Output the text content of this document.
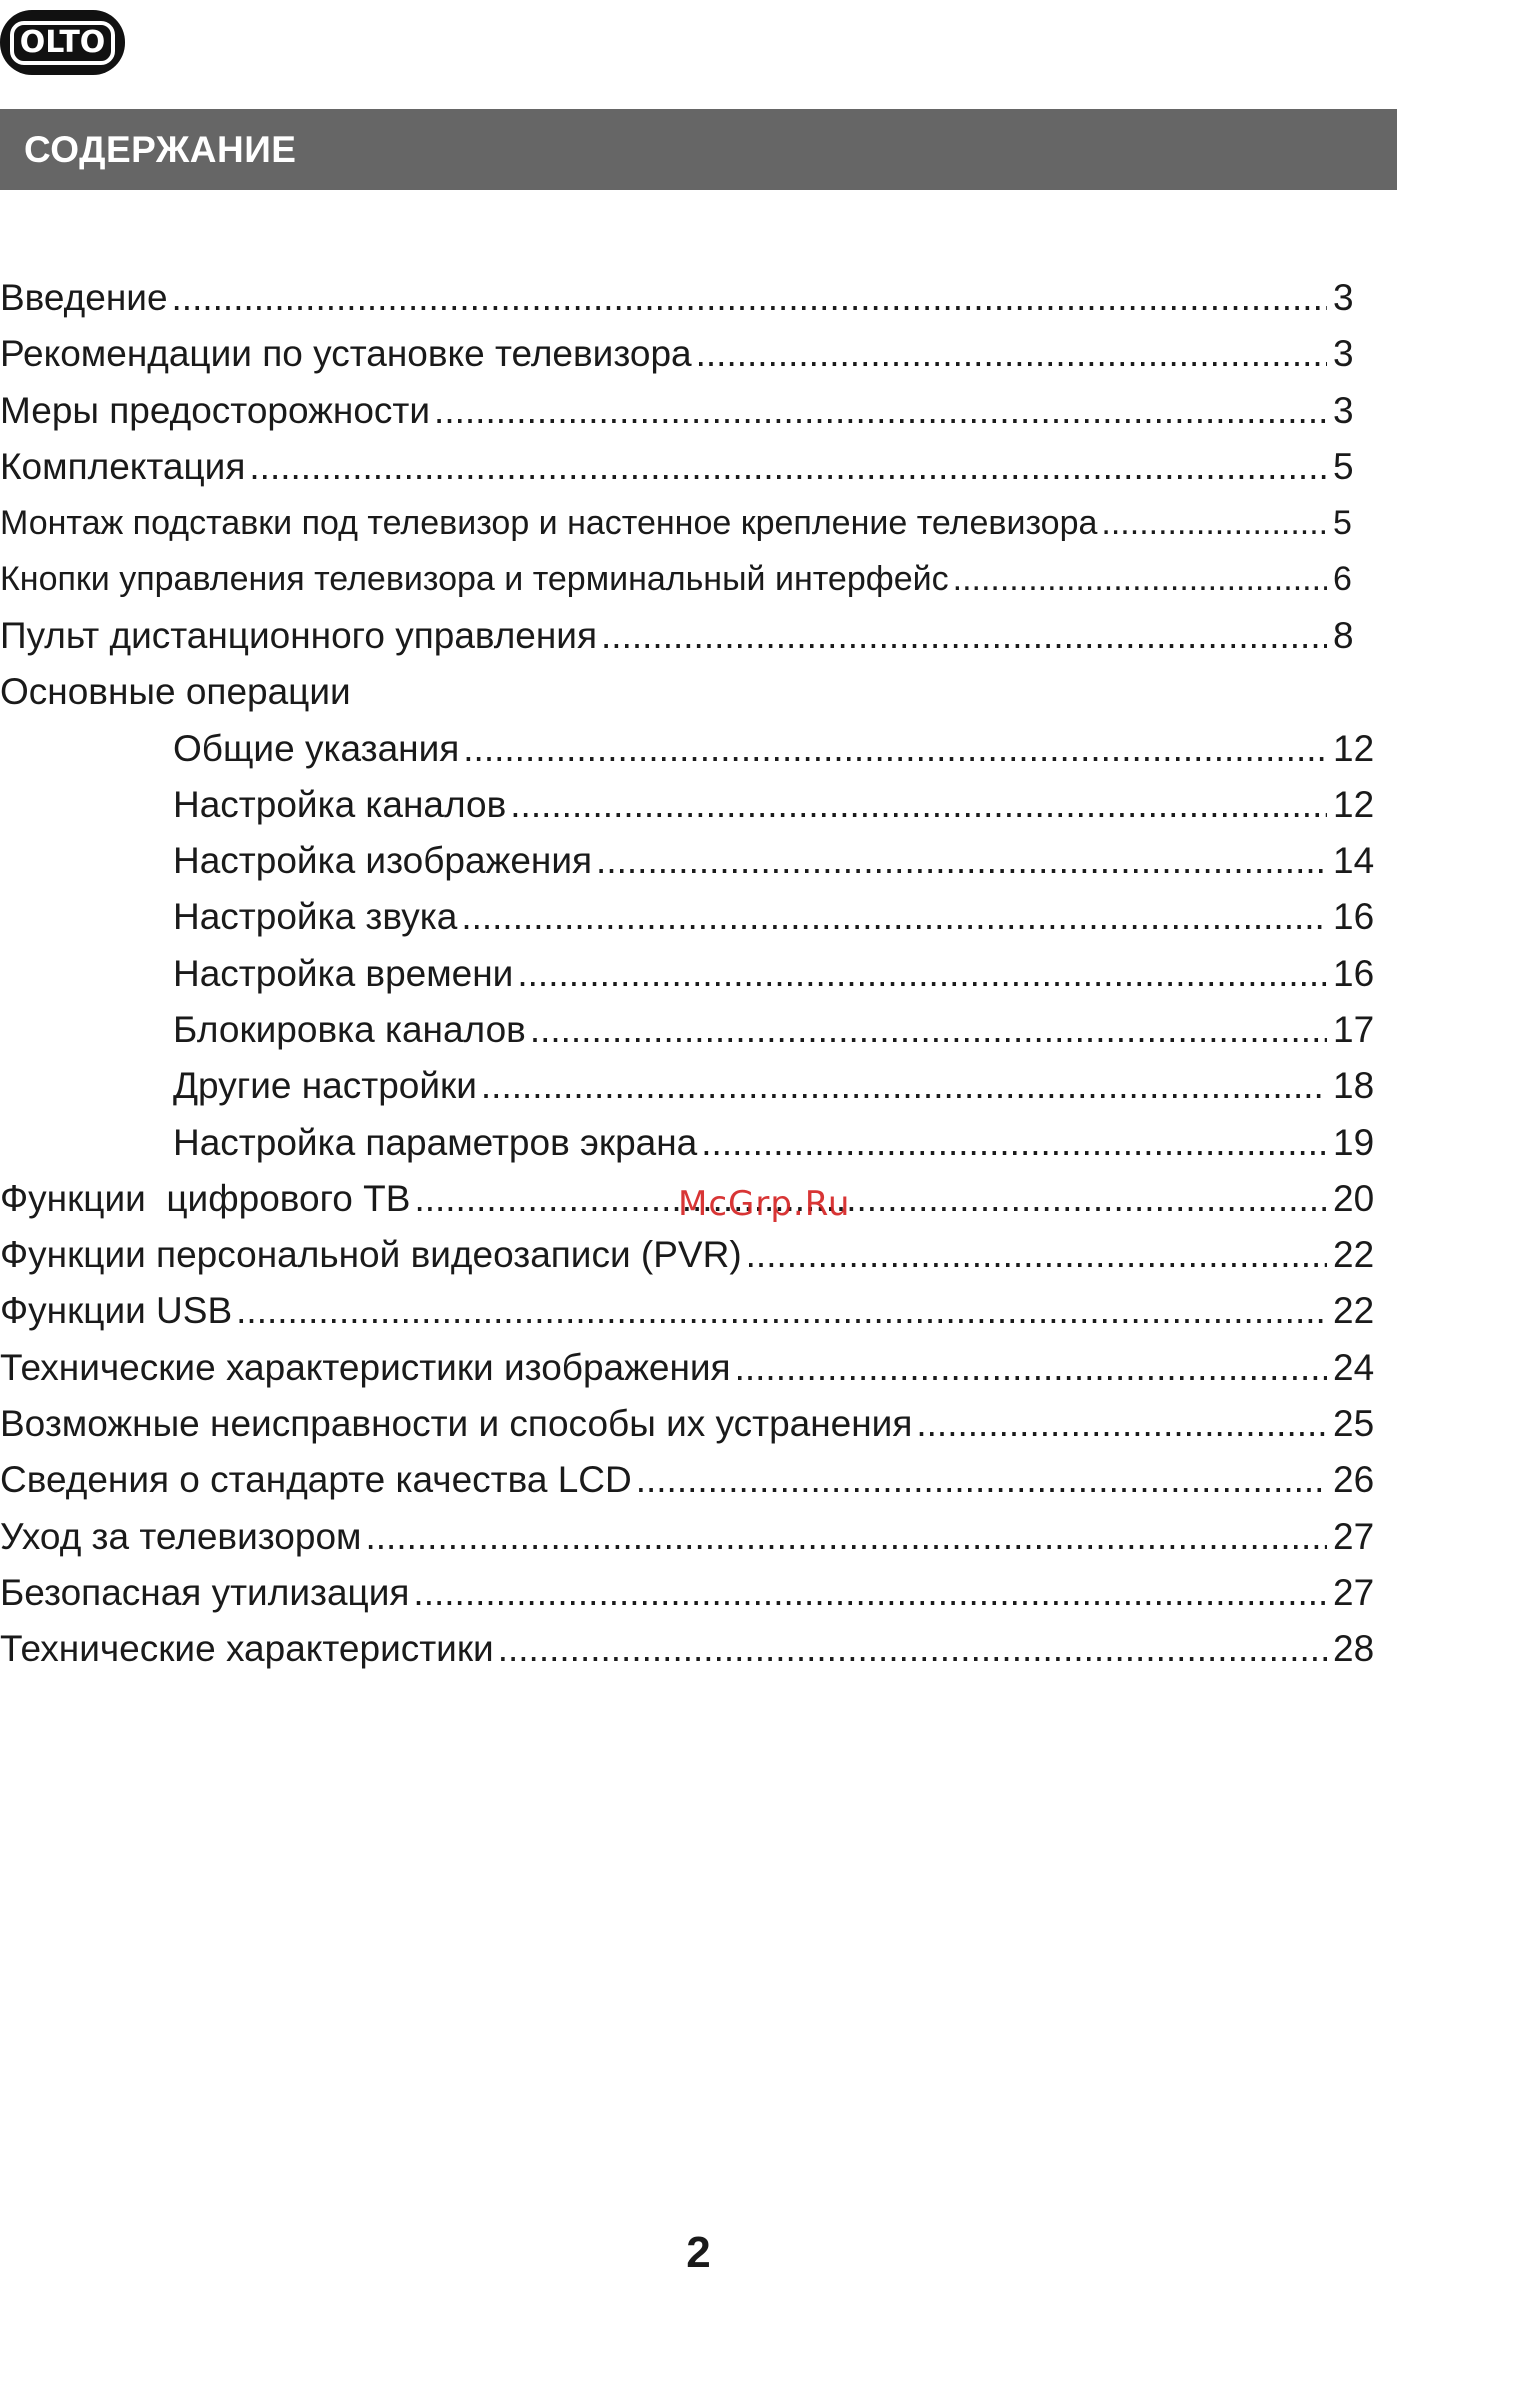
OLTO
СОДЕРЖАНИЕ
Введение .....	3
Рекомендации по установке телевизора .....	3
Меры предосторожности .....	3
Комплектация .....	5
Монтаж подставки под телевизор и настенное крепление телевизора .....	5
Кнопки управления телевизора и терминальный интерфейс .....	6
Пульт дистанционного управления .....	8
Основные операции
Общие указания .....	12
Настройка каналов .....	12
Настройка изображения .....	14
Настройка звука .....	16
Настройка времени .....	16
Блокировка каналов .....	17
Другие настройки .....	18
Настройка параметров экрана .....	19
Функции  цифрового ТВ .....	20
Функции персональной видеозаписи (PVR) .....	22
Функции USB .....	22
Технические характеристики изображения .....	24
Возможные неисправности и способы их устранения .....	25
Сведения о стандарте качества LCD .....	26
Уход за телевизором .....	27
Безопасная утилизация .....	27
Технические характеристики .....	28
McGrp.Ru
2
